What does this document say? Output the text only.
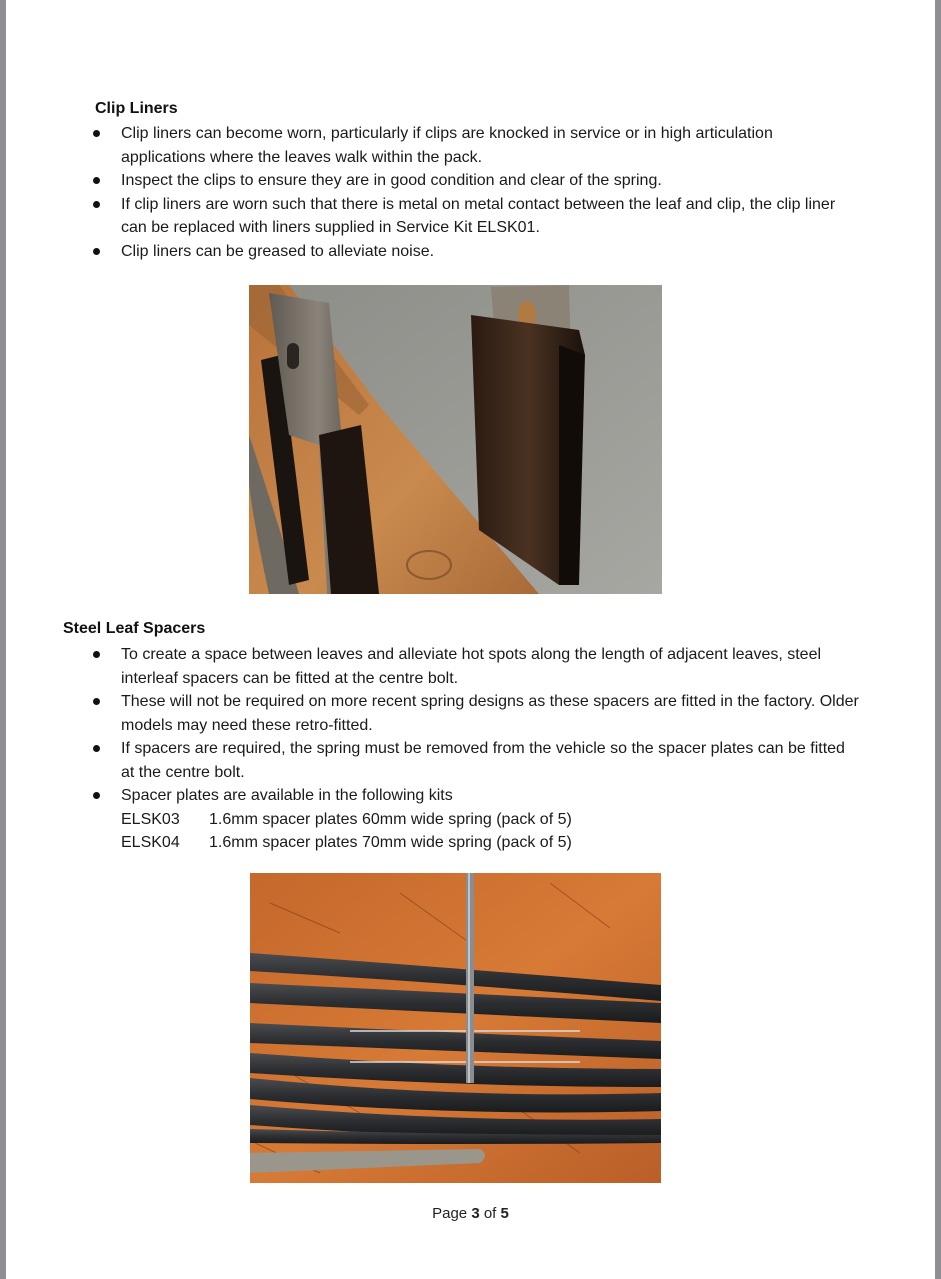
Clip Liners
Clip liners can become worn, particularly if clips are knocked in service or in high articulation applications where the leaves walk within the pack.
Inspect the clips to ensure they are in good condition and clear of the spring.
If clip liners are worn such that there is metal on metal contact between the leaf and clip, the clip liner can be replaced with liners supplied in Service Kit ELSK01.
Clip liners can be greased to alleviate noise.
Steel Leaf Spacers
To create a space between leaves and alleviate hot spots along the length of adjacent leaves, steel interleaf spacers can be fitted at the centre bolt.
These will not be required on more recent spring designs as these spacers are fitted in the factory. Older models may need these retro-fitted.
If spacers are required, the spring must be removed from the vehicle so the spacer plates can be fitted at the centre bolt.
Spacer plates are available in the following kits
ELSK03 1.6mm spacer plates 60mm wide spring (pack of 5)
ELSK04 1.6mm spacer plates 70mm wide spring (pack of 5)
Page 3 of 5
